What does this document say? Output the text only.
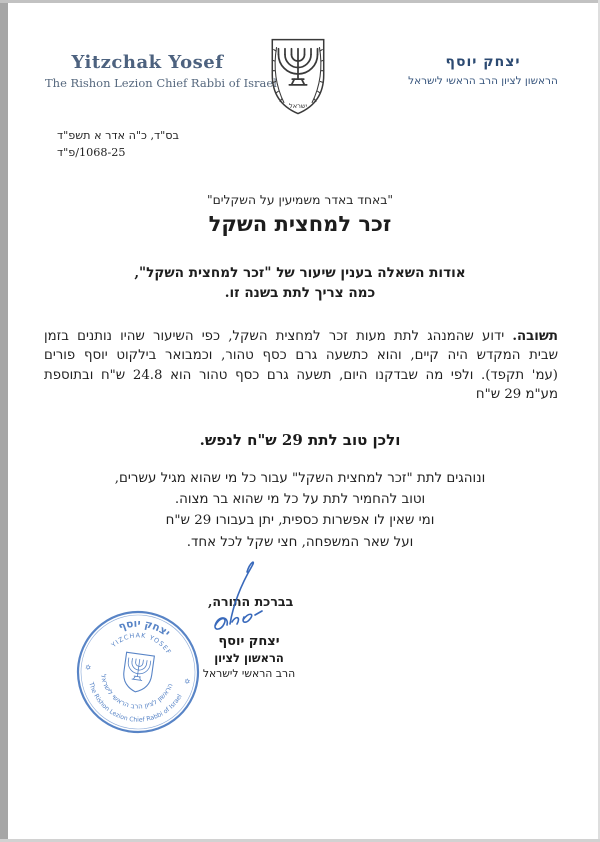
Yitzchak Yosef
The Rishon Lezion Chief Rabbi of Israel
ישראל
יצחק יוסף
הראשון לציון הרב הראשי לישראל
בס"ד, כ"ה אדר א תשפ"ד
1068-25/פ"ד
"באחד באדר משמיעין על השקלים"
זכר למחצית השקל
אודות השאלה בענין שיעור של "זכר למחצית השקל",
כמה צריך לתת בשנה זו.
תשובה. ידוע שהמנהג לתת מעות זכר למחצית השקל, כפי השיעור שהיו נותנים בזמן
שבית המקדש היה קיים, והוא כתשעה גרם כסף טהור, וכמבואר בילקוט יוסף פורים
(עמ' תקפד). ולפי מה שבדקנו היום, תשעה גרם כסף טהור הוא 24.8 ש"ח ובתוספת
מע"מ 29 ש"ח
ולכן טוב לתת 29 ש"ח לנפש.
ונוהגים לתת "זכר למחצית השקל" עבור כל מי שהוא מגיל עשרים,
וטוב להחמיר לתת על כל מי שהוא בר מצוה.
ומי שאין לו אפשרות כספית, יתן בעבורו 29 ש"ח
ועל שאר המשפחה, חצי שקל לכל אחד.
בברכת התורה,
יצחק יוסף
הראשון לציון
הרב הראשי לישראל
יצחק יוסף
YIZCHAK YOSEF
The Rishon Lezion Chief Rabbi of Israel
הראשון לציון הרב הראשי לישראל
✡
✡
